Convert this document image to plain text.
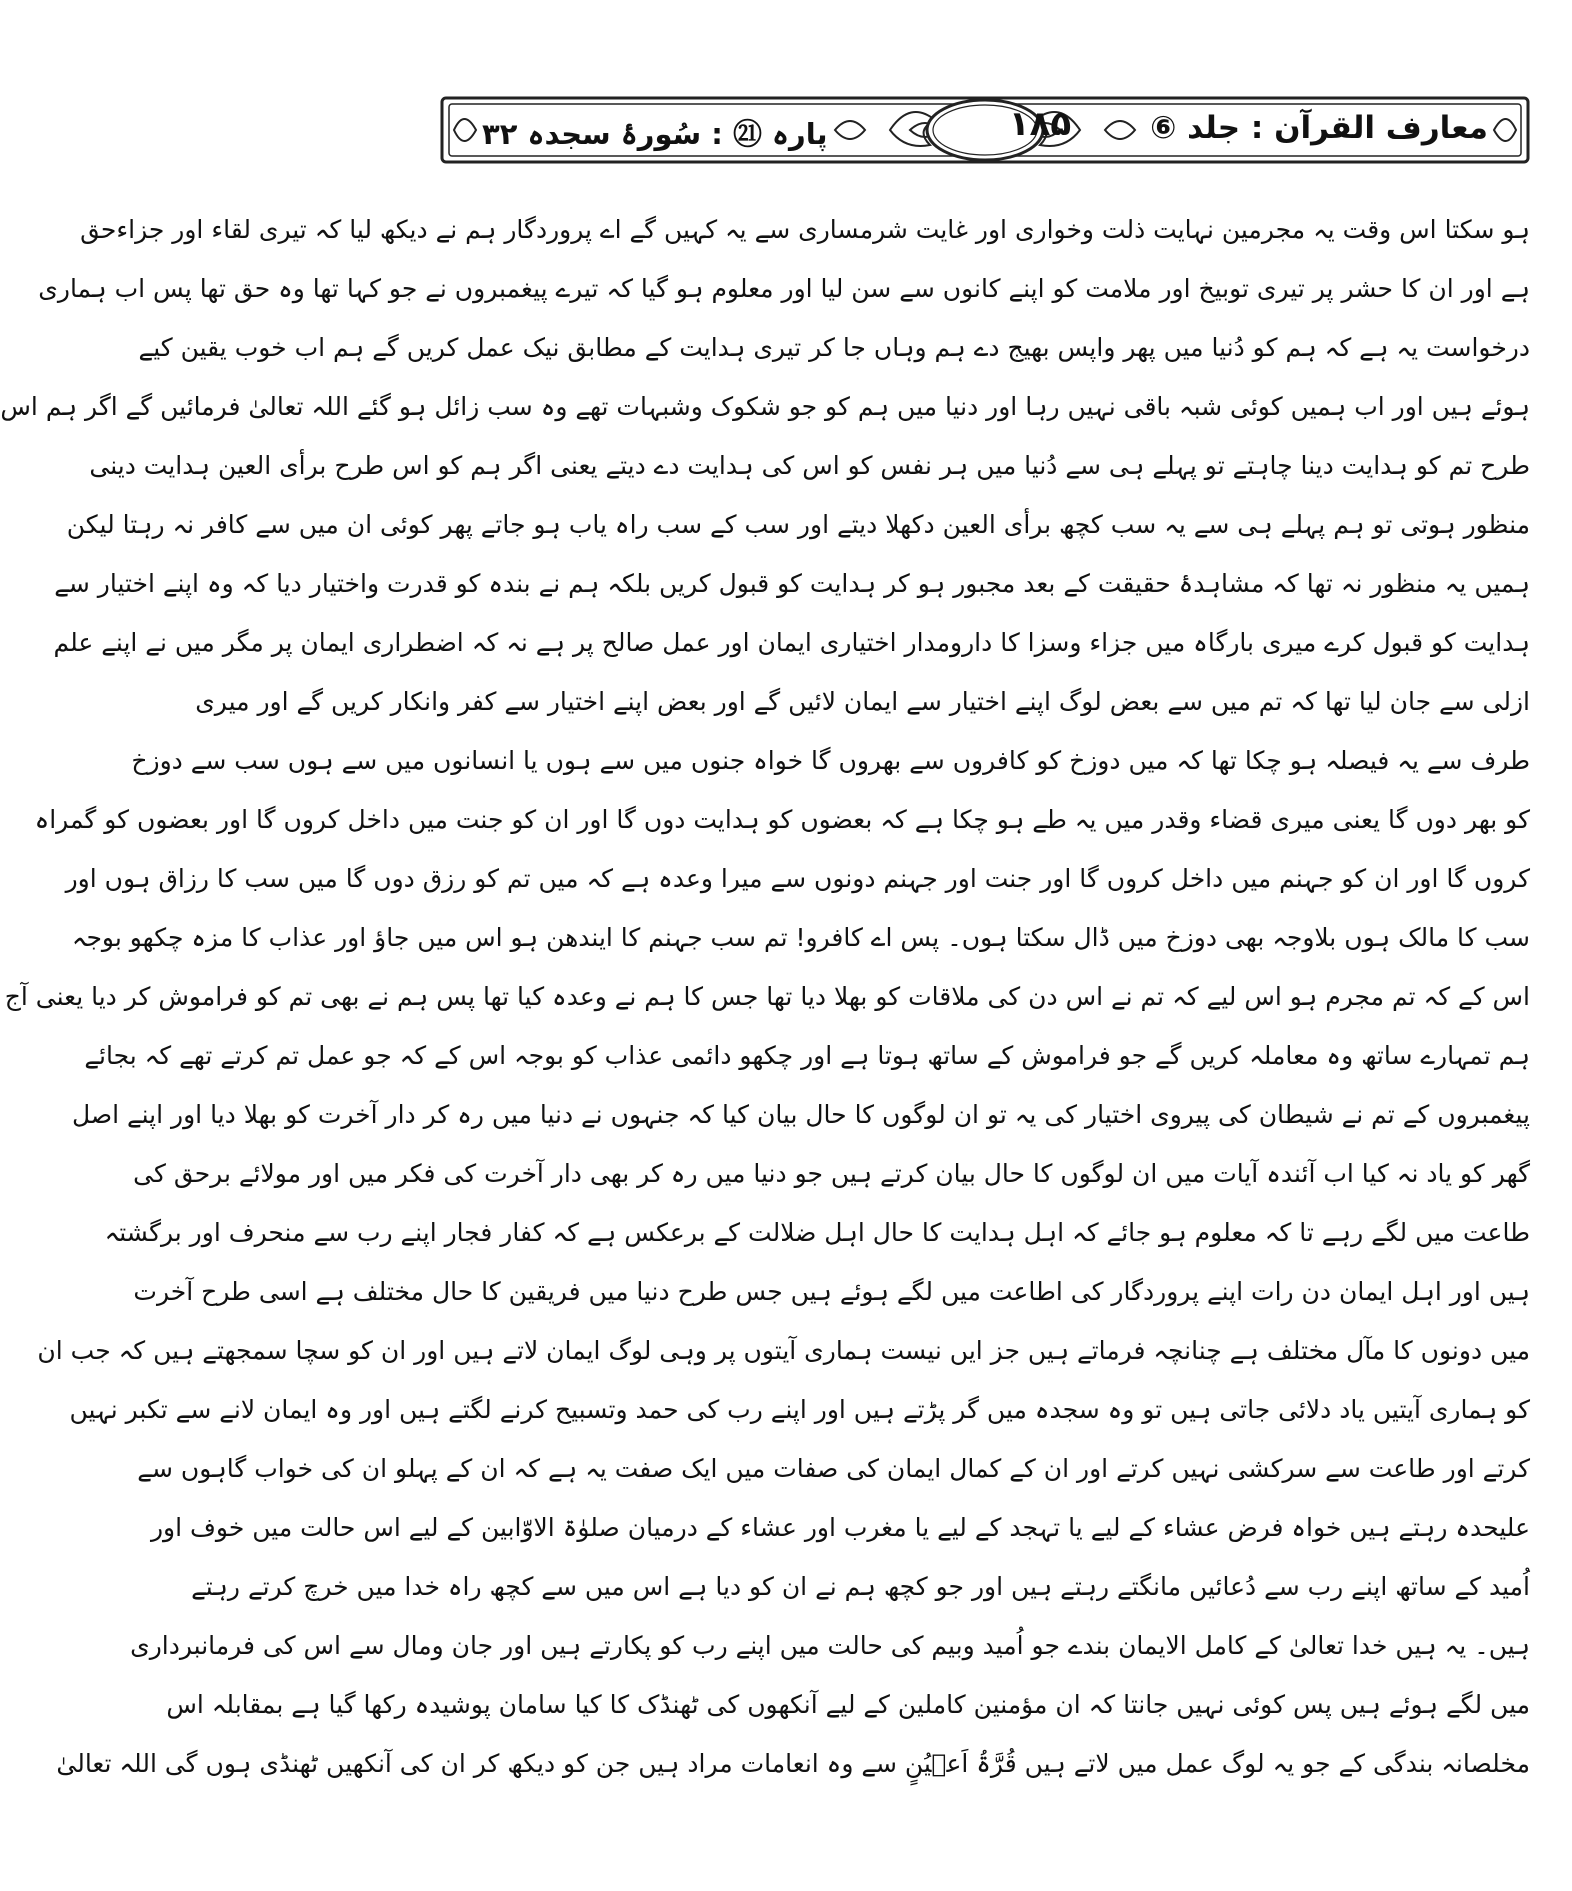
معارف القرآن : جلد ⑥
۱۸۵
پارہ ㉑ : سُورۂ سجدہ ۳۲
ہو سکتا اس وقت یہ مجرمین نہایت ذلت وخواری اور غایت شرمساری سے یہ کہیں گے اے پروردگار ہم نے دیکھ لیا کہ تیری لقاء اور جزاءحق
ہے اور ان کا حشر پر تیری توبیخ اور ملامت کو اپنے کانوں سے سن لیا اور معلوم ہو گیا کہ تیرے پیغمبروں نے جو کہا تھا وہ حق تھا پس اب ہماری
درخواست یہ ہے کہ ہم کو دُنیا میں پھر واپس بھیج دے ہم وہاں جا کر تیری ہدایت کے مطابق نیک عمل کریں گے ہم اب خوب یقین کیے
ہوئے ہیں اور اب ہمیں کوئی شبہ باقی نہیں رہا اور دنیا میں ہم کو جو شکوک وشبہات تھے وہ سب زائل ہو گئے اللہ تعالیٰ فرمائیں گے اگر ہم اس
طرح تم کو ہدایت دینا چاہتے تو پہلے ہی سے دُنیا میں ہر نفس کو اس کی ہدایت دے دیتے یعنی اگر ہم کو اس طرح برأی العین ہدایت دینی
منظور ہوتی تو ہم پہلے ہی سے یہ سب کچھ برأی العین دکھلا دیتے اور سب کے سب راہ یاب ہو جاتے پھر کوئی ان میں سے کافر نہ رہتا لیکن
ہمیں یہ منظور نہ تھا کہ مشاہدۂ حقیقت کے بعد مجبور ہو کر ہدایت کو قبول کریں بلکہ ہم نے بندہ کو قدرت واختیار دیا کہ وہ اپنے اختیار سے
ہدایت کو قبول کرے میری بارگاہ میں جزاء وسزا کا دارومدار اختیاری ایمان اور عمل صالح پر ہے نہ کہ اضطراری ایمان پر مگر میں نے اپنے علم
ازلی سے جان لیا تھا کہ تم میں سے بعض لوگ اپنے اختیار سے ایمان لائیں گے اور بعض اپنے اختیار سے کفر وانکار کریں گے اور میری
طرف سے یہ فیصلہ ہو چکا تھا کہ میں دوزخ کو کافروں سے بھروں گا خواہ جنوں میں سے ہوں یا انسانوں میں سے ہوں سب سے دوزخ
کو بھر دوں گا یعنی میری قضاء وقدر میں یہ طے ہو چکا ہے کہ بعضوں کو ہدایت دوں گا اور ان کو جنت میں داخل کروں گا اور بعضوں کو گمراہ
کروں گا اور ان کو جہنم میں داخل کروں گا اور جنت اور جہنم دونوں سے میرا وعدہ ہے کہ میں تم کو رزق دوں گا میں سب کا رزاق ہوں اور
سب کا مالک ہوں بلاوجہ بھی دوزخ میں ڈال سکتا ہوں۔ پس اے کافرو! تم سب جہنم کا ایندھن ہو اس میں جاؤ اور عذاب کا مزہ چکھو بوجہ
اس کے کہ تم مجرم ہو اس لیے کہ تم نے اس دن کی ملاقات کو بھلا دیا تھا جس کا ہم نے وعدہ کیا تھا پس ہم نے بھی تم کو فراموش کر دیا یعنی آج
ہم تمہارے ساتھ وہ معاملہ کریں گے جو فراموش کے ساتھ ہوتا ہے اور چکھو دائمی عذاب کو بوجہ اس کے کہ جو عمل تم کرتے تھے کہ بجائے
پیغمبروں کے تم نے شیطان کی پیروی اختیار کی یہ تو ان لوگوں کا حال بیان کیا کہ جنہوں نے دنیا میں رہ کر دار آخرت کو بھلا دیا اور اپنے اصل
گھر کو یاد نہ کیا اب آئندہ آیات میں ان لوگوں کا حال بیان کرتے ہیں جو دنیا میں رہ کر بھی دار آخرت کی فکر میں اور مولائے برحق کی
طاعت میں لگے رہے تا کہ معلوم ہو جائے کہ اہل ہدایت کا حال اہل ضلالت کے برعکس ہے کہ کفار فجار اپنے رب سے منحرف اور برگشتہ
ہیں اور اہل ایمان دن رات اپنے پروردگار کی اطاعت میں لگے ہوئے ہیں جس طرح دنیا میں فریقین کا حال مختلف ہے اسی طرح آخرت
میں دونوں کا مآل مختلف ہے چنانچہ فرماتے ہیں جز ایں نیست ہماری آیتوں پر وہی لوگ ایمان لاتے ہیں اور ان کو سچا سمجھتے ہیں کہ جب ان
کو ہماری آیتیں یاد دلائی جاتی ہیں تو وہ سجدہ میں گر پڑتے ہیں اور اپنے رب کی حمد وتسبیح کرنے لگتے ہیں اور وہ ایمان لانے سے تکبر نہیں
کرتے اور طاعت سے سرکشی نہیں کرتے اور ان کے کمال ایمان کی صفات میں ایک صفت یہ ہے کہ ان کے پہلو ان کی خواب گاہوں سے
علیحدہ رہتے ہیں خواہ فرض عشاء کے لیے یا تہجد کے لیے یا مغرب اور عشاء کے درمیان صلوٰۃ الاوّابین کے لیے اس حالت میں خوف اور
اُمید کے ساتھ اپنے رب سے دُعائیں مانگتے رہتے ہیں اور جو کچھ ہم نے ان کو دیا ہے اس میں سے کچھ راہ خدا میں خرچ کرتے رہتے
ہیں۔ یہ ہیں خدا تعالیٰ کے کامل الایمان بندے جو اُمید وبیم کی حالت میں اپنے رب کو پکارتے ہیں اور جان ومال سے اس کی فرمانبرداری
میں لگے ہوئے ہیں پس کوئی نہیں جانتا کہ ان مؤمنین کاملین کے لیے آنکھوں کی ٹھنڈک کا کیا سامان پوشیدہ رکھا گیا ہے بمقابلہ اس
مخلصانہ بندگی کے جو یہ لوگ عمل میں لاتے ہیں قُرَّۃُ اَعۡیُنٍ سے وہ انعامات مراد ہیں جن کو دیکھ کر ان کی آنکھیں ٹھنڈی ہوں گی اللہ تعالیٰ
